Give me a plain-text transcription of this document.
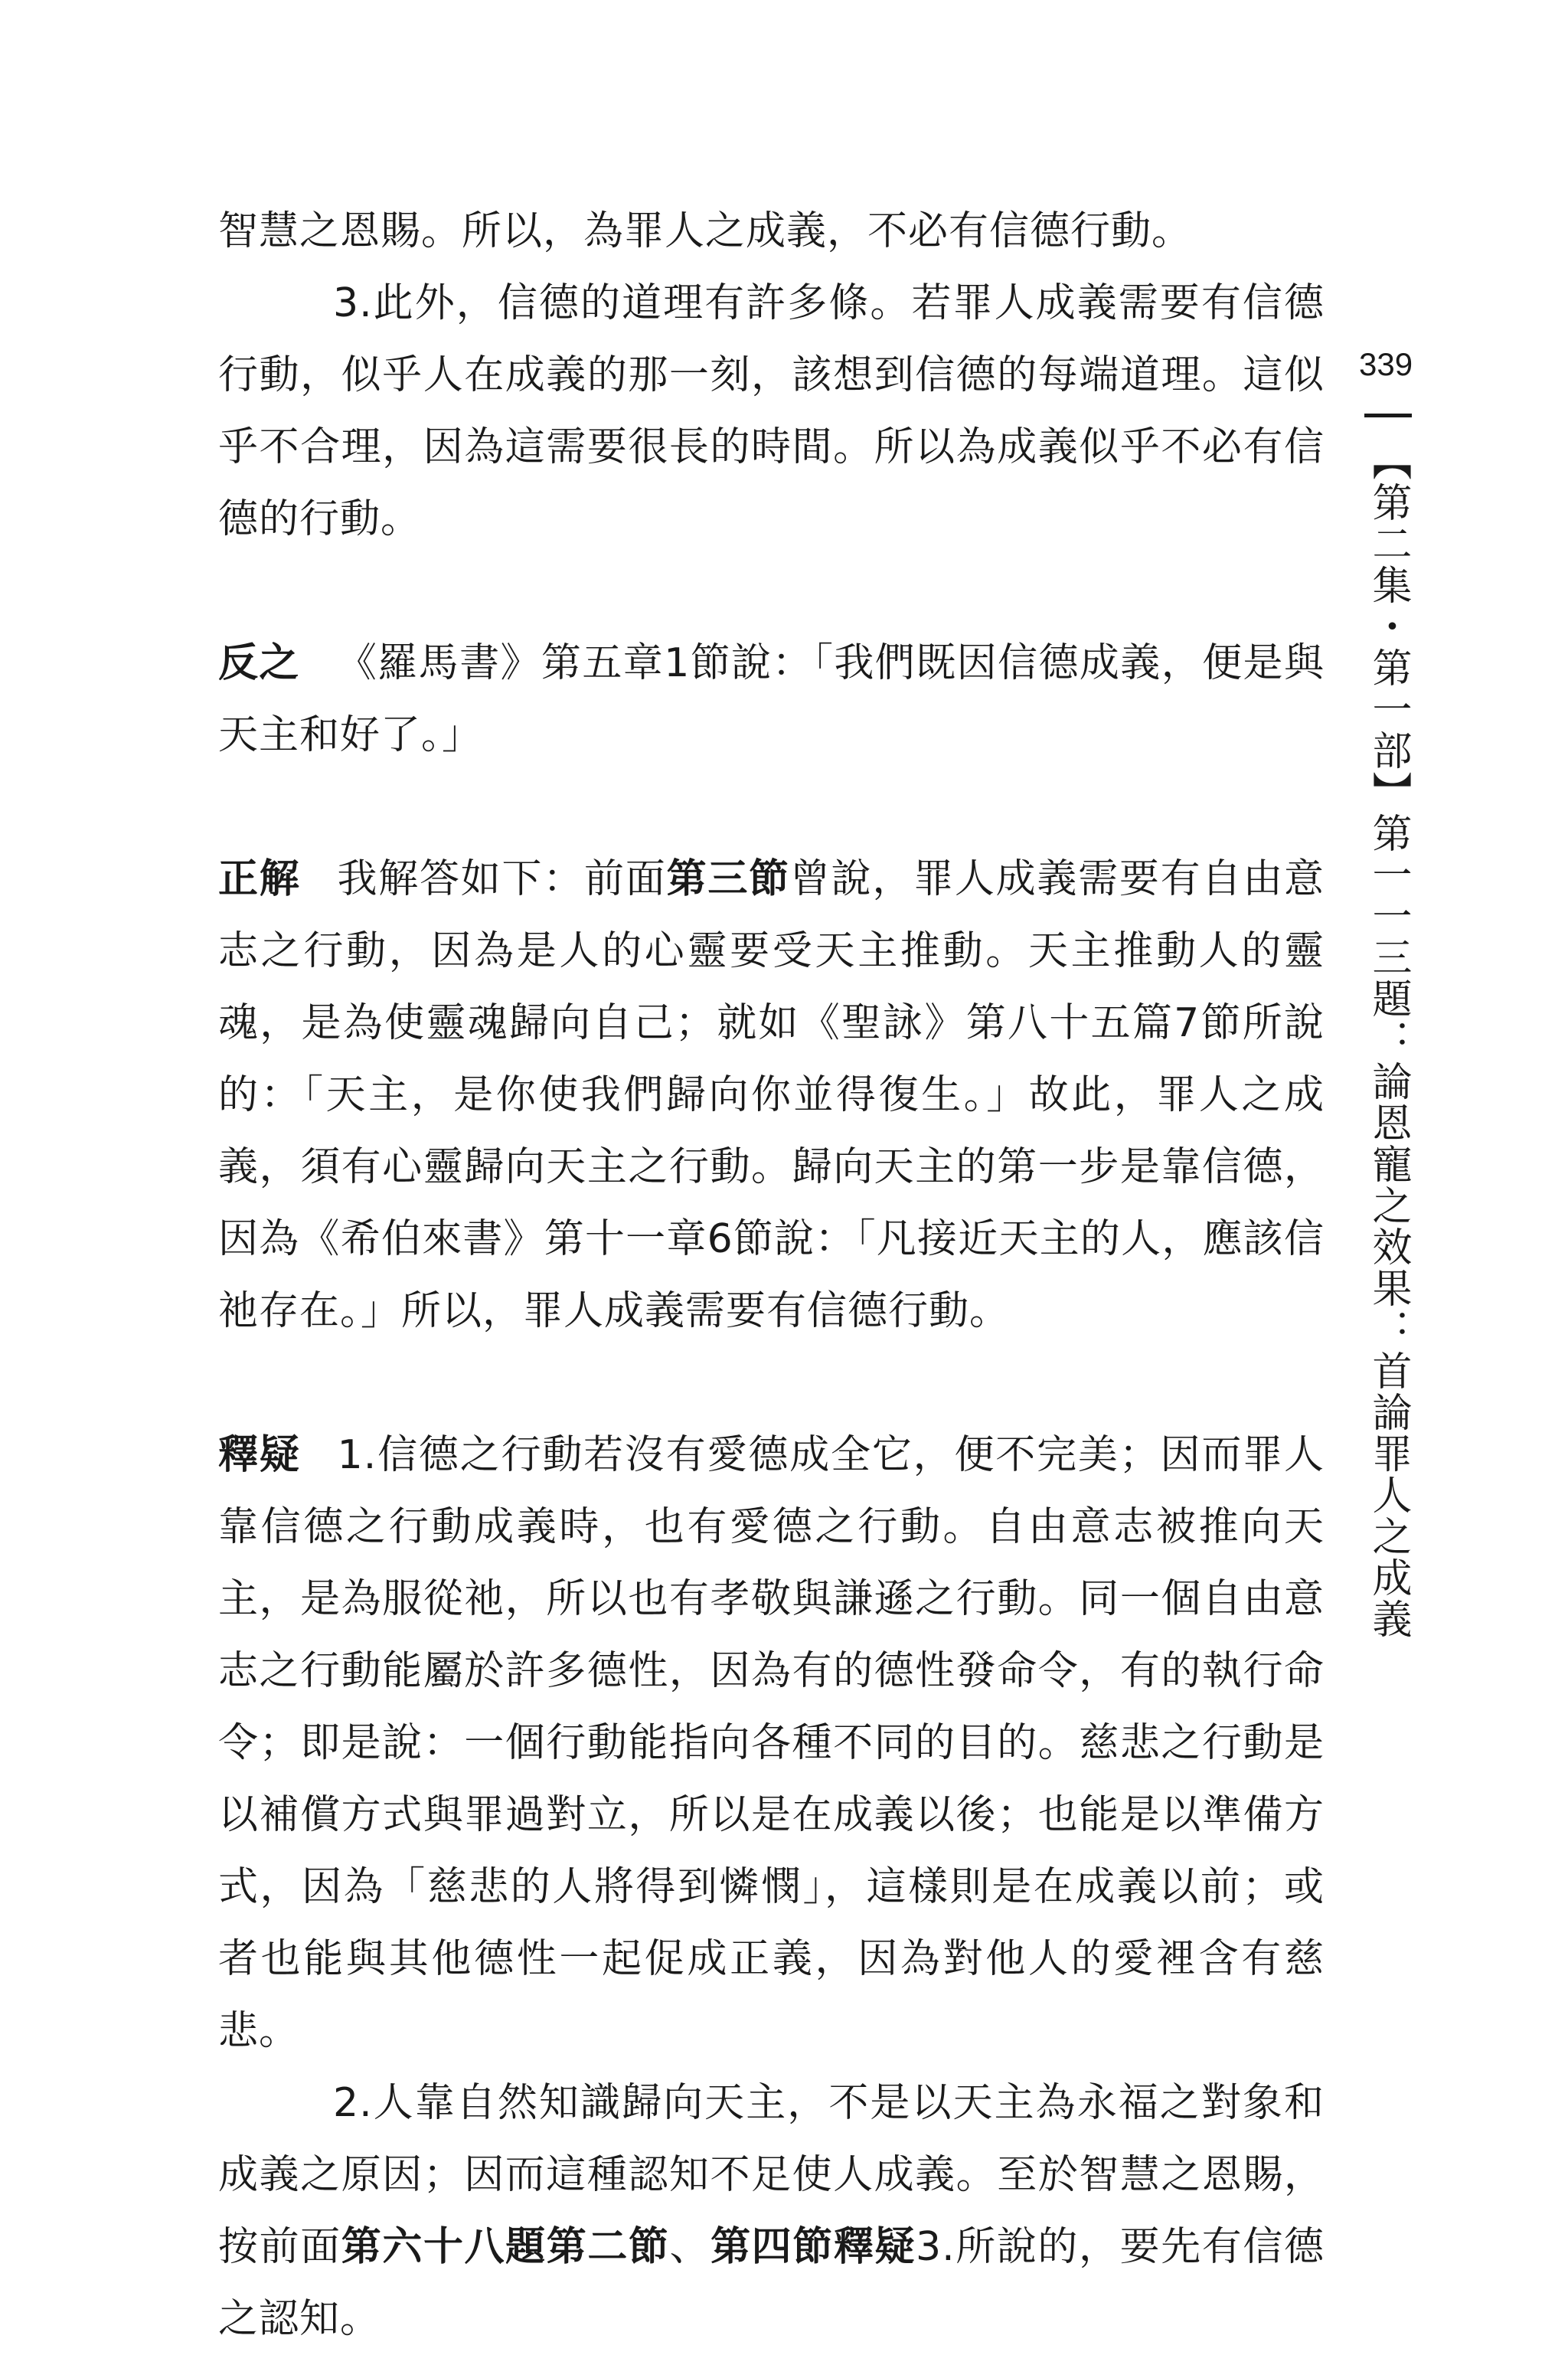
智慧之恩賜。所以，為罪人之成義，不必有信德行動。

3.此外，信德的道理有許多條。若罪人成義需要有信德行動，似乎人在成義的那一刻，該想到信德的每端道理。這似乎不合理，因為這需要很長的時間。所以為成義似乎不必有信德的行動。

反之 《羅馬書》第五章1節說：「我們既因信德成義，便是與天主和好了。」

正解 我解答如下：前面第三節曾說，罪人成義需要有自由意志之行動，因為是人的心靈要受天主推動。天主推動人的靈魂，是為使靈魂歸向自己；就如《聖詠》第八十五篇7節所說的：「天主，是你使我們歸向你並得復生。」故此，罪人之成義，須有心靈歸向天主之行動。歸向天主的第一步是靠信德，因為《希伯來書》第十一章6節說：「凡接近天主的人，應該信祂存在。」所以，罪人成義需要有信德行動。

釋疑 1.信德之行動若沒有愛德成全它，便不完美；因而罪人靠信德之行動成義時，也有愛德之行動。自由意志被推向天主，是為服從祂，所以也有孝敬與謙遜之行動。同一個自由意志之行動能屬於許多德性，因為有的德性發命令，有的執行命令；即是說：一個行動能指向各種不同的目的。慈悲之行動是以補償方式與罪過對立，所以是在成義以後；也能是以準備方式，因為「慈悲的人將得到憐憫」，這樣則是在成義以前；或者也能與其他德性一起促成正義，因為對他人的愛裡含有慈悲。

2.人靠自然知識歸向天主，不是以天主為永福之對象和成義之原因；因而這種認知不足使人成義。至於智慧之恩賜，按前面第六十八題第二節、第四節釋疑3.所說的，要先有信德之認知。

339
【第二集・第一部】第一一三題：論恩寵之效果：首論罪人之成義
